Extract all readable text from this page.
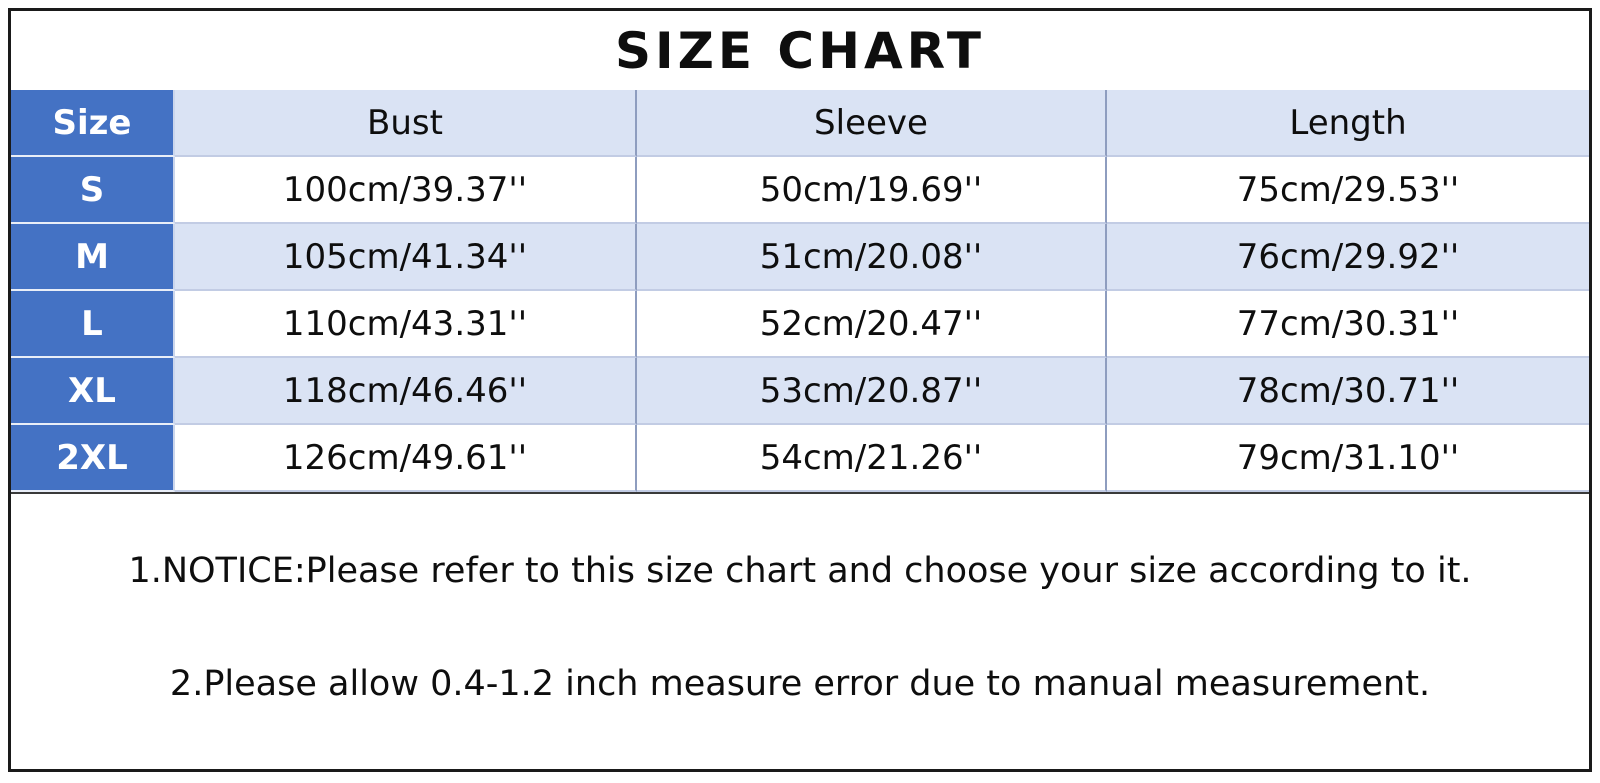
SIZE CHART
Size	Bust	Sleeve	Length
S	100cm/39.37''	50cm/19.69''	75cm/29.53''
M	105cm/41.34''	51cm/20.08''	76cm/29.92''
L	110cm/43.31''	52cm/20.47''	77cm/30.31''
XL	118cm/46.46''	53cm/20.87''	78cm/30.71''
2XL	126cm/49.61''	54cm/21.26''	79cm/31.10''

1.NOTICE:Please refer to this size chart and choose your size according to it.

2.Please allow 0.4-1.2 inch measure error due to manual measurement.
